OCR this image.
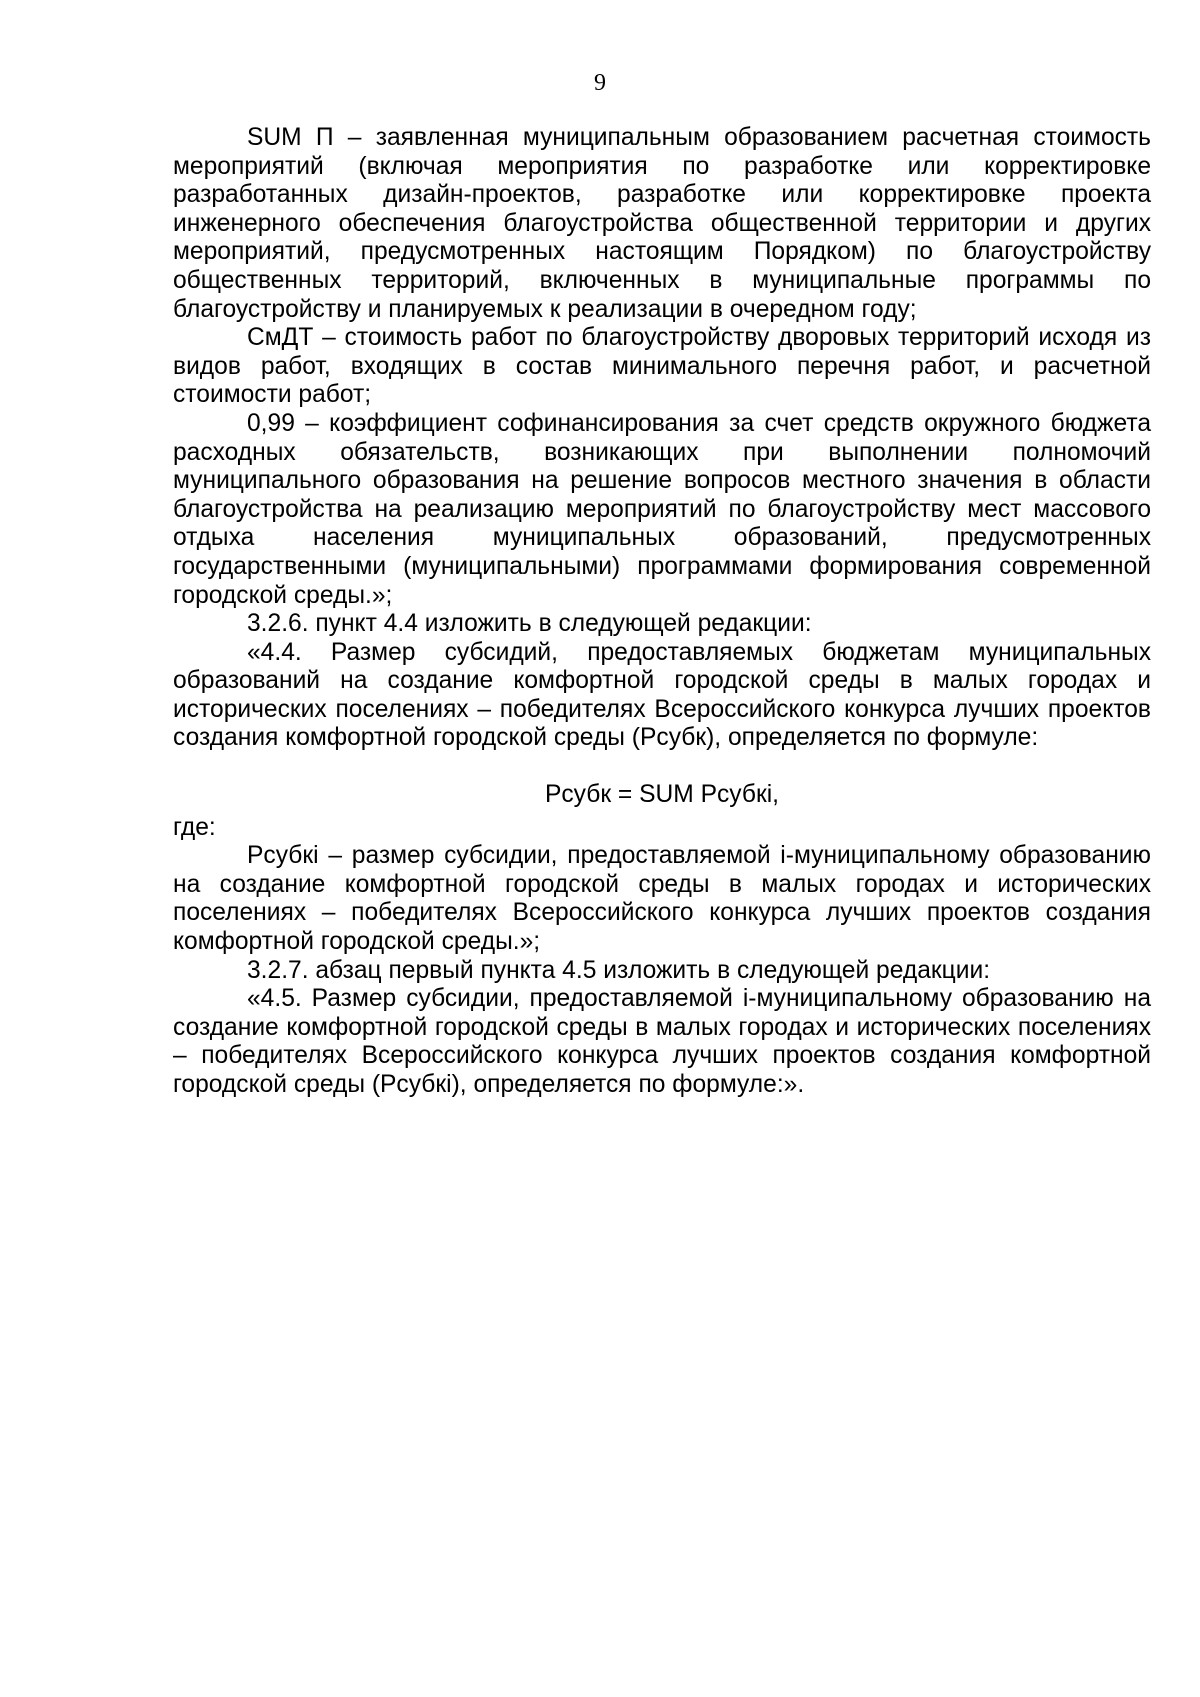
9

SUM П – заявленная муниципальным образованием расчетная стоимость мероприятий (включая мероприятия по разработке или корректировке разработанных дизайн-проектов, разработке или корректировке проекта инженерного обеспечения благоустройства общественной территории и других мероприятий, предусмотренных настоящим Порядком) по благоустройству общественных территорий, включенных в муниципальные программы по благоустройству и планируемых к реализации в очередном году;

СмДТ – стоимость работ по благоустройству дворовых территорий исходя из видов работ, входящих в состав минимального перечня работ, и расчетной стоимости работ;

0,99 – коэффициент софинансирования за счет средств окружного бюджета расходных обязательств, возникающих при выполнении полномочий муниципального образования на решение вопросов местного значения в области благоустройства на реализацию мероприятий по благоустройству мест массового отдыха населения муниципальных образований, предусмотренных государственными (муниципальными) программами формирования современной городской среды.»;

3.2.6. пункт 4.4 изложить в следующей редакции:

«4.4. Размер субсидий, предоставляемых бюджетам муниципальных образований на создание комфортной городской среды в малых городах и исторических поселениях – победителях Всероссийского конкурса лучших проектов создания комфортной городской среды (Рсубк), определяется по формуле:

Рсубк = SUM Рсубкi,

где:

Рсубкi – размер субсидии, предоставляемой i-муниципальному образованию на создание комфортной городской среды в малых городах и исторических поселениях – победителях Всероссийского конкурса лучших проектов создания комфортной городской среды.»;

3.2.7. абзац первый пункта 4.5 изложить в следующей редакции:

«4.5. Размер субсидии, предоставляемой i-муниципальному образованию на создание комфортной городской среды в малых городах и исторических поселениях – победителях Всероссийского конкурса лучших проектов создания комфортной городской среды (Рсубкi), определяется по формуле:».
